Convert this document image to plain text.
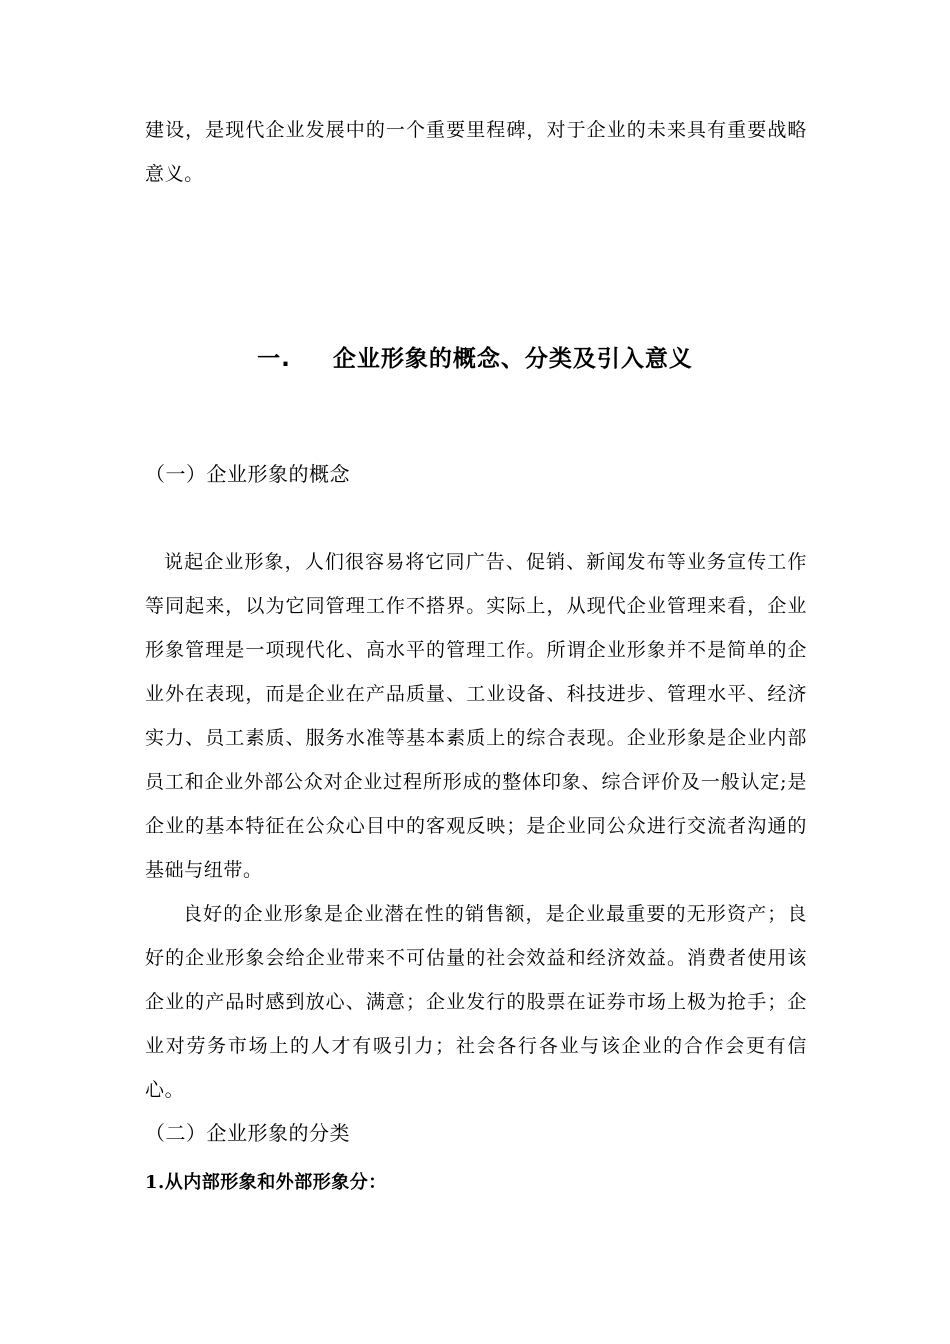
建设，是现代企业发展中的一个重要里程碑，对于企业的未来具有重要战略意义。

一. 企业形象的概念、分类及引入意义
（一）企业形象的概念

说起企业形象，人们很容易将它同广告、促销、新闻发布等业务宣传工作等同起来，以为它同管理工作不搭界。实际上，从现代企业管理来看，企业形象管理是一项现代化、高水平的管理工作。所谓企业形象并不是简单的企业外在表现，而是企业在产品质量、工业设备、科技进步、管理水平、经济实力、员工素质、服务水准等基本素质上的综合表现。企业形象是企业内部员工和企业外部公众对企业过程所形成的整体印象、综合评价及一般认定;是企业的基本特征在公众心目中的客观反映；是企业同公众进行交流者沟通的基础与纽带。

良好的企业形象是企业潜在性的销售额，是企业最重要的无形资产；良好的企业形象会给企业带来不可估量的社会效益和经济效益。消费者使用该企业的产品时感到放心、满意；企业发行的股票在证券市场上极为抢手；企业对劳务市场上的人才有吸引力；社会各行各业与该企业的合作会更有信心。

（二）企业形象的分类
1.从内部形象和外部形象分：
